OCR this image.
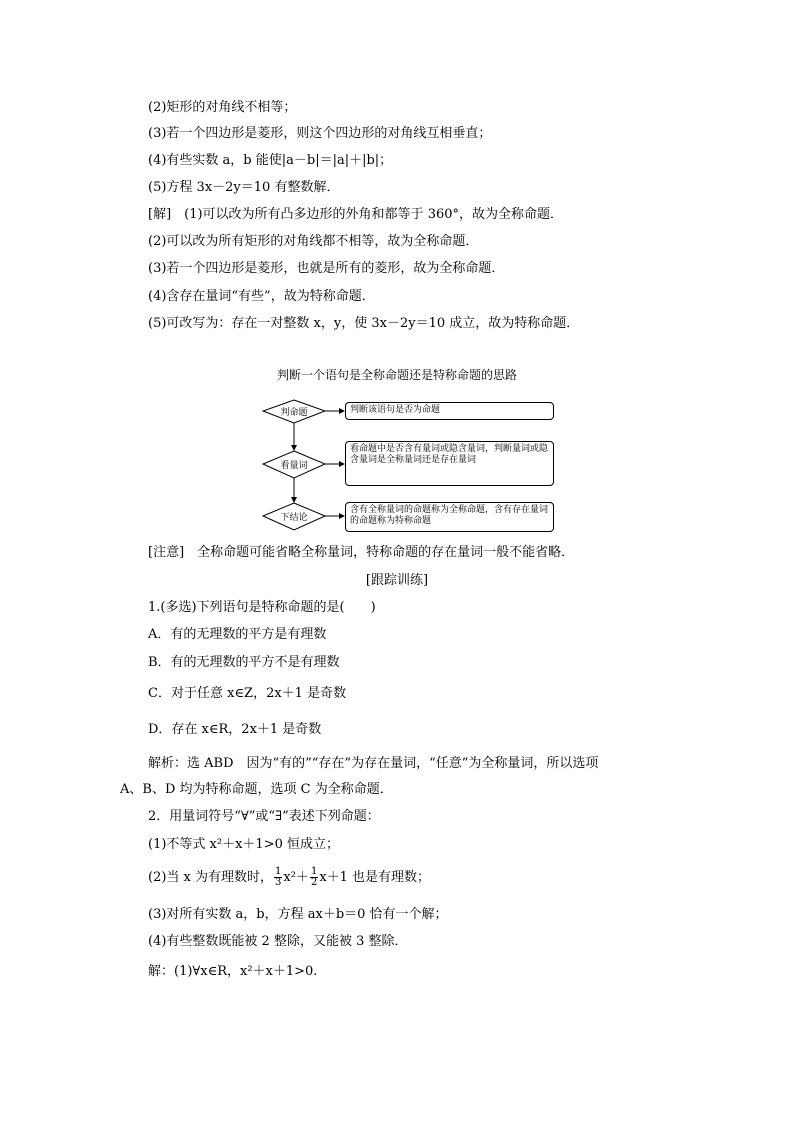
(2)矩形的对角线不相等；
(3)若一个四边形是菱形，则这个四边形的对角线互相垂直；
(4)有些实数 a，b 能使|a－b|＝|a|＋|b|；
(5)方程 3x－2y＝10 有整数解．
[解]　(1)可以改为所有凸多边形的外角和都等于 360°，故为全称命题．
(2)可以改为所有矩形的对角线都不相等，故为全称命题．
(3)若一个四边形是菱形，也就是所有的菱形，故为全称命题．
(4)含存在量词“有些”，故为特称命题．
(5)可改写为：存在一对整数 x，y，使 3x－2y＝10 成立，故为特称命题．
判断一个语句是全称命题还是特称命题的思路
判命题
看量词
下结论
判断该语句是否为命题
看命题中是否含有量词或隐含量词，判断量词或隐含量词是全称量词还是存在量词
含有全称量词的命题称为全称命题，含有存在量词的命题称为特称命题
[注意]　全称命题可能省略全称量词，特称命题的存在量词一般不能省略．
[跟踪训练]
1.(多选)下列语句是特称命题的是(　　)
A．有的无理数的平方是有理数
B．有的无理数的平方不是有理数
C．对于任意 x∈Z，2x＋1 是奇数
D．存在 x∈R，2x＋1 是奇数
解析：选 ABD　因为“有的”“存在”为存在量词，“任意”为全称量词，所以选项
A、B、D 均为特称命题，选项 C 为全称命题．
2．用量词符号“∀”或“∃”表述下列命题：
(1)不等式 x²＋x＋1>0 恒成立；
(2)当 x 为有理数时， $\frac{1}{3} x^2+ \frac{1}{2} x+1$ 也是有理数；
(3)对所有实数 a，b，方程 ax＋b＝0 恰有一个解；
(4)有些整数既能被 2 整除，又能被 3 整除．
解：(1)∀x∈R，x²＋x＋1>0.
